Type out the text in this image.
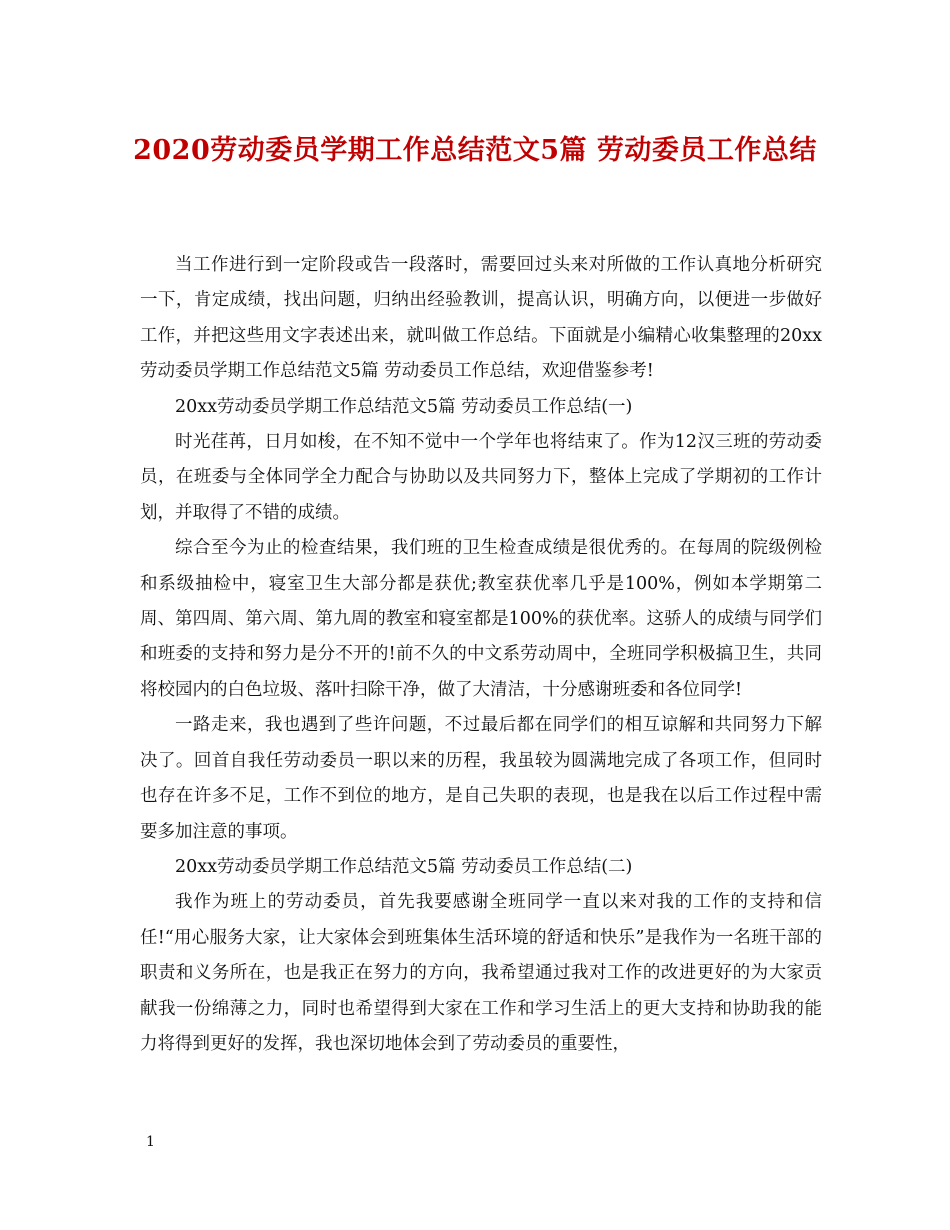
2020劳动委员学期工作总结范文5篇 劳动委员工作总结

当工作进行到一定阶段或告一段落时，需要回过头来对所做的工作认真地分析研究一下，肯定成绩，找出问题，归纳出经验教训，提高认识，明确方向，以便进一步做好工作，并把这些用文字表述出来，就叫做工作总结。下面就是小编精心收集整理的20xx劳动委员学期工作总结范文5篇 劳动委员工作总结，欢迎借鉴参考!

20xx劳动委员学期工作总结范文5篇 劳动委员工作总结(一)

时光荏苒，日月如梭，在不知不觉中一个学年也将结束了。作为12汉三班的劳动委员，在班委与全体同学全力配合与协助以及共同努力下，整体上完成了学期初的工作计划，并取得了不错的成绩。

综合至今为止的检查结果，我们班的卫生检查成绩是很优秀的。在每周的院级例检和系级抽检中，寝室卫生大部分都是获优;教室获优率几乎是100%，例如本学期第二周、第四周、第六周、第九周的教室和寝室都是100%的获优率。这骄人的成绩与同学们和班委的支持和努力是分不开的!前不久的中文系劳动周中，全班同学积极搞卫生，共同将校园内的白色垃圾、落叶扫除干净，做了大清洁，十分感谢班委和各位同学!

一路走来，我也遇到了些许问题，不过最后都在同学们的相互谅解和共同努力下解决了。回首自我任劳动委员一职以来的历程，我虽较为圆满地完成了各项工作，但同时也存在许多不足，工作不到位的地方，是自己失职的表现，也是我在以后工作过程中需要多加注意的事项。

20xx劳动委员学期工作总结范文5篇 劳动委员工作总结(二)

我作为班上的劳动委员，首先我要感谢全班同学一直以来对我的工作的支持和信任!“用心服务大家，让大家体会到班集体生活环境的舒适和快乐”是我作为一名班干部的职责和义务所在，也是我正在努力的方向，我希望通过我对工作的改进更好的为大家贡献我一份绵薄之力，同时也希望得到大家在工作和学习生活上的更大支持和协助我的能力将得到更好的发挥，我也深切地体会到了劳动委员的重要性，

1
